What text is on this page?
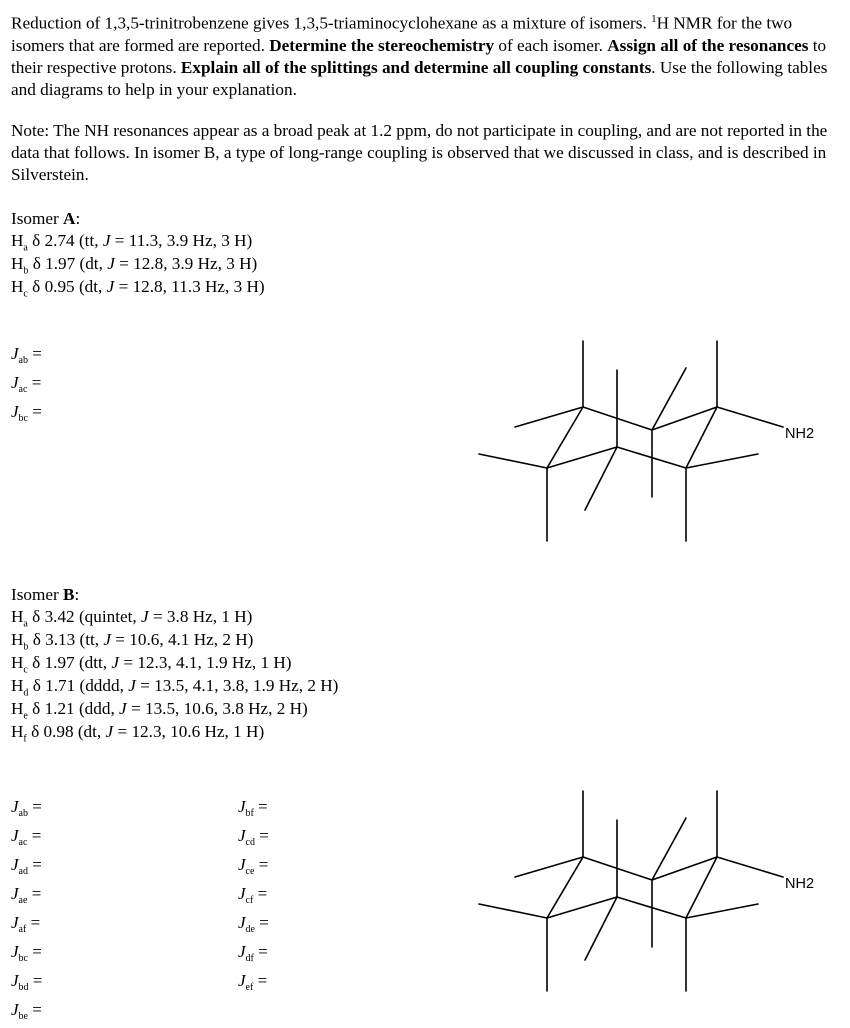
Reduction of 1,3,5-trinitrobenzene gives 1,3,5-triaminocyclohexane as a mixture of isomers. $^1$H NMR for the two isomers that are formed are reported. Determine the stereochemistry of each isomer. Assign all of the resonances to their respective protons. Explain all of the splittings and determine all coupling constants. Use the following tables and diagrams to help in your explanation.
Note: The NH resonances appear as a broad peak at 1.2 ppm, do not participate in coupling, and are not reported in the data that follows. In isomer B, a type of long-range coupling is observed that we discussed in class, and is described in Silverstein.
Isomer A:
$H_a$ δ 2.74 (tt, J = 11.3, 3.9 Hz, 3 H)
$H_b$ δ 1.97 (dt, J = 12.8, 3.9 Hz, 3 H)
$H_c$ δ 0.95 (dt, J = 12.8, 11.3 Hz, 3 H)
$J_{ab}$ =
$J_{ac}$ =
$J_{bc}$ =
Isomer B:
$H_a$ δ 3.42 (quintet, J = 3.8 Hz, 1 H)
$H_b$ δ 3.13 (tt, J = 10.6, 4.1 Hz, 2 H)
$H_c$ δ 1.97 (dtt, J = 12.3, 4.1, 1.9 Hz, 1 H)
$H_d$ δ 1.71 (dddd, J = 13.5, 4.1, 3.8, 1.9 Hz, 2 H)
$H_e$ δ 1.21 (ddd, J = 13.5, 10.6, 3.8 Hz, 2 H)
$H_f$ δ 0.98 (dt, J = 12.3, 10.6 Hz, 1 H)
$J_{ab}$ =
$J_{ac}$ =
$J_{ad}$ =
$J_{ae}$ =
$J_{af}$ =
$J_{bc}$ =
$J_{bd}$ =
$J_{be}$ =
$J_{bf}$ =
$J_{cd}$ =
$J_{ce}$ =
$J_{cf}$ =
$J_{de}$ =
$J_{df}$ =
$J_{ef}$ =
NH2
NH2
